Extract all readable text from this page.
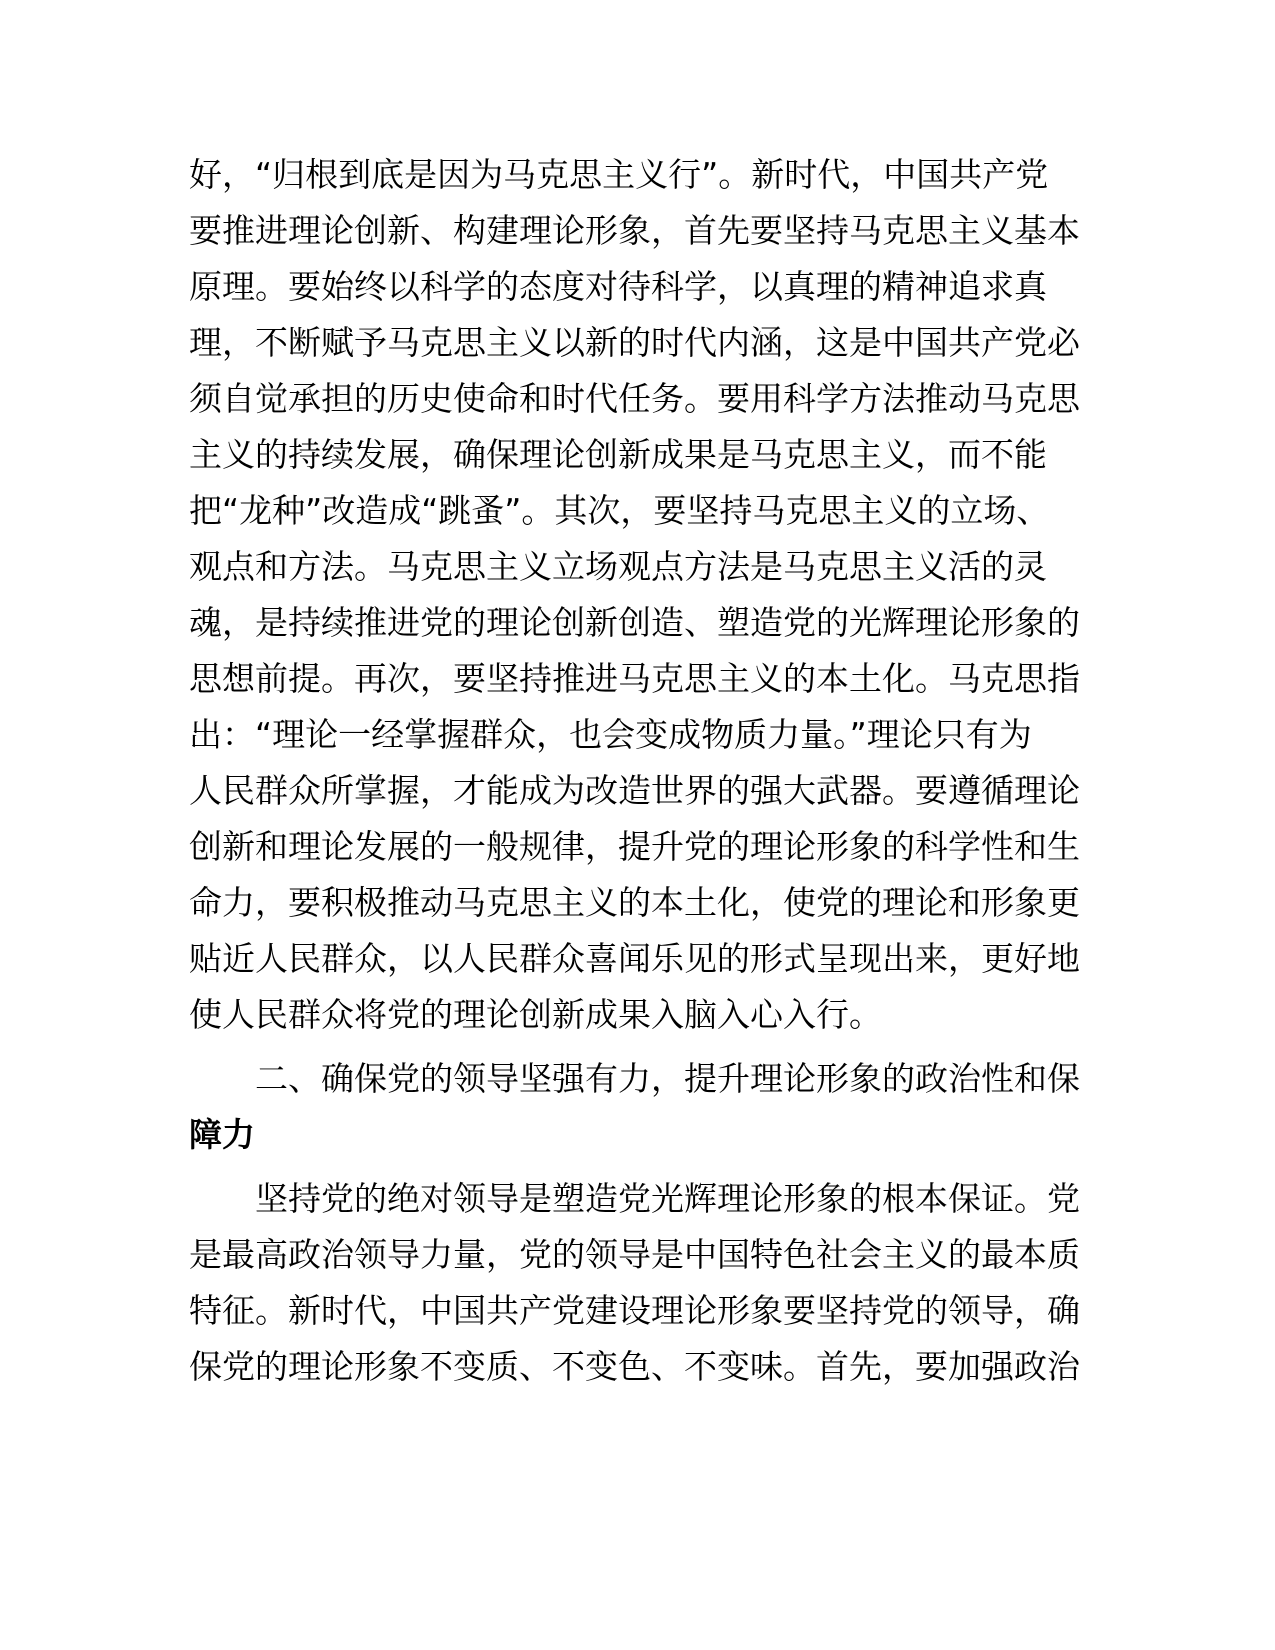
好，“归根到底是因为马克思主义行”。新时代，中国共产党
要推进理论创新、构建理论形象，首先要坚持马克思主义基本
原理。要始终以科学的态度对待科学，以真理的精神追求真
理，不断赋予马克思主义以新的时代内涵，这是中国共产党必
须自觉承担的历史使命和时代任务。要用科学方法推动马克思
主义的持续发展，确保理论创新成果是马克思主义，而不能
把“龙种”改造成“跳蚤”。其次，要坚持马克思主义的立场、
观点和方法。马克思主义立场观点方法是马克思主义活的灵
魂，是持续推进党的理论创新创造、塑造党的光辉理论形象的
思想前提。再次，要坚持推进马克思主义的本土化。马克思指
出：“理论一经掌握群众，也会变成物质力量。”理论只有为
人民群众所掌握，才能成为改造世界的强大武器。要遵循理论
创新和理论发展的一般规律，提升党的理论形象的科学性和生
命力，要积极推动马克思主义的本土化，使党的理论和形象更
贴近人民群众，以人民群众喜闻乐见的形式呈现出来，更好地
使人民群众将党的理论创新成果入脑入心入行。
　　二、确保党的领导坚强有力，提升理论形象的政治性和保
障力
　　坚持党的绝对领导是塑造党光辉理论形象的根本保证。党
是最高政治领导力量，党的领导是中国特色社会主义的最本质
特征。新时代，中国共产党建设理论形象要坚持党的领导，确
保党的理论形象不变质、不变色、不变味。首先，要加强政治
